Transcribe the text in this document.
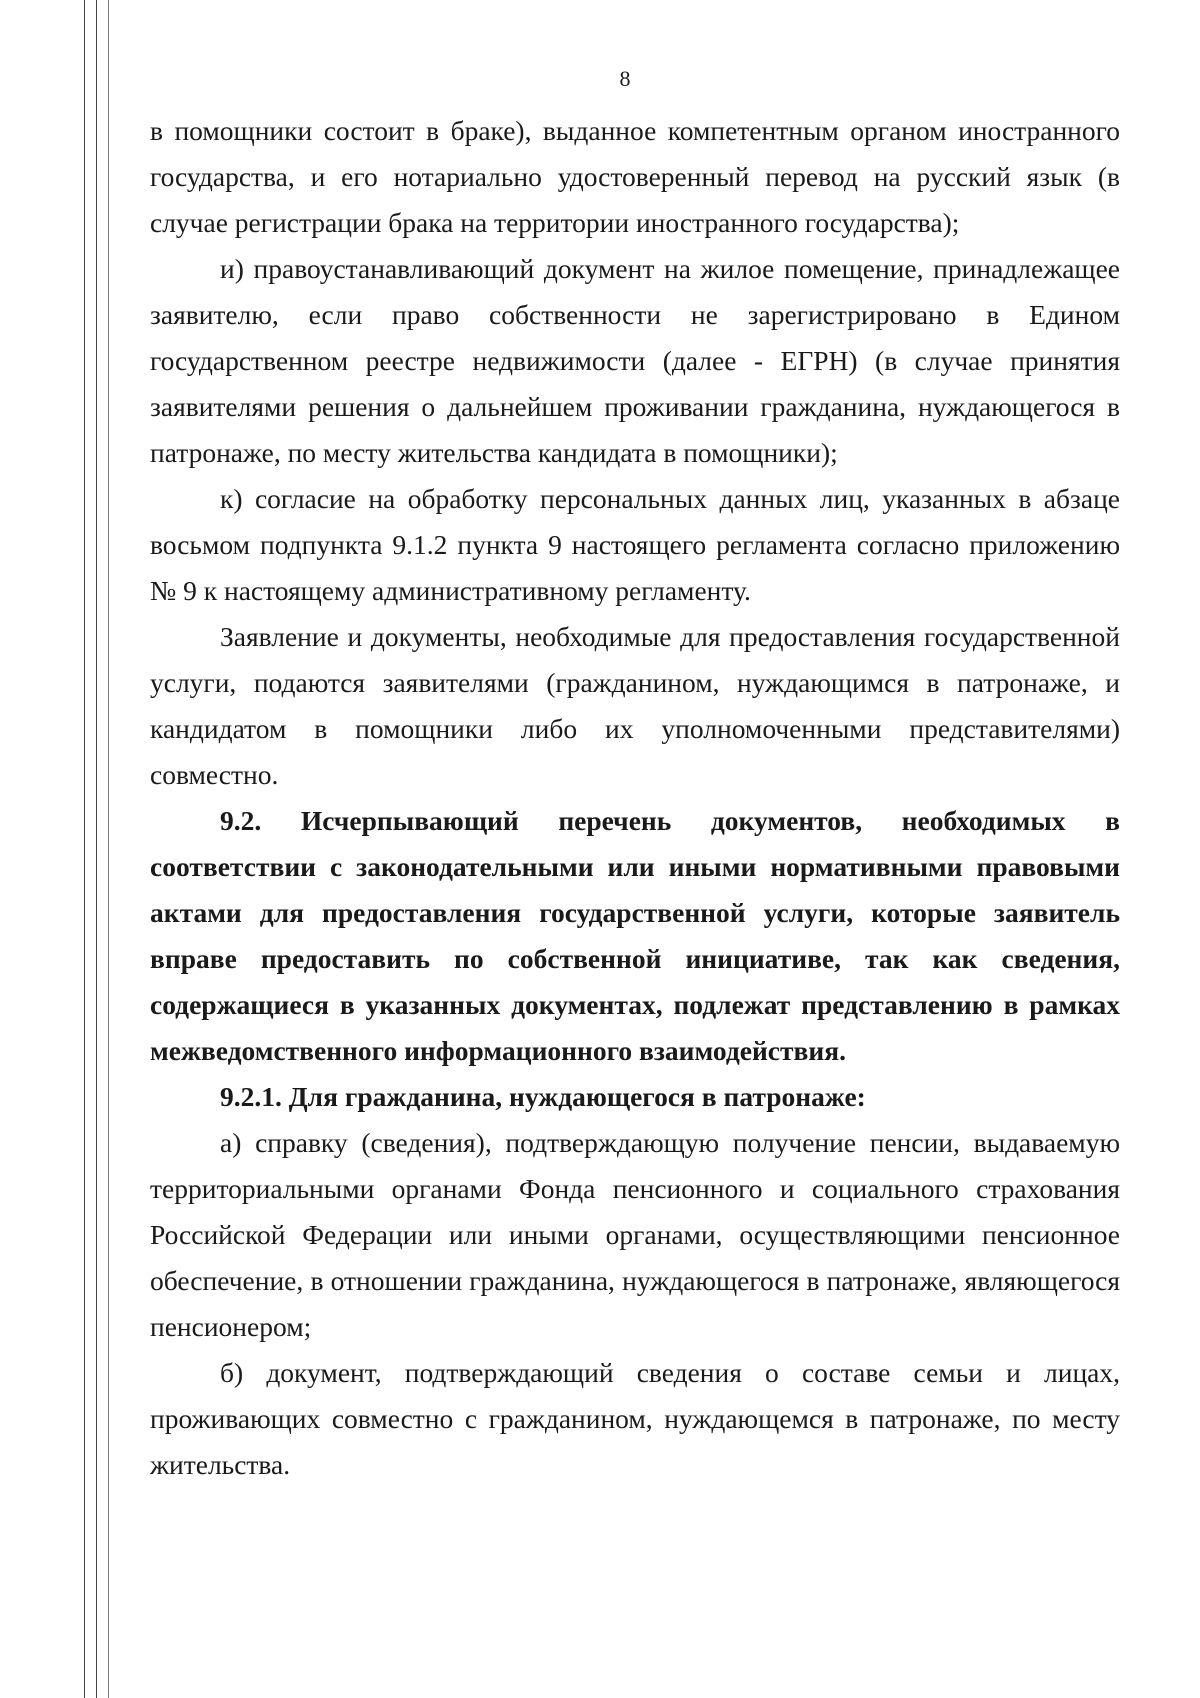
8

в помощники состоит в браке), выданное компетентным органом иностранного государства, и его нотариально удостоверенный перевод на русский язык (в случае регистрации брака на территории иностранного государства);

и) правоустанавливающий документ на жилое помещение, принадлежащее заявителю, если право собственности не зарегистрировано в Едином государственном реестре недвижимости (далее - ЕГРН) (в случае принятия заявителями решения о дальнейшем проживании гражданина, нуждающегося в патронаже, по месту жительства кандидата в помощники);

к) согласие на обработку персональных данных лиц, указанных в абзаце восьмом подпункта 9.1.2 пункта 9 настоящего регламента согласно приложению № 9 к настоящему административному регламенту.

Заявление и документы, необходимые для предоставления государственной услуги, подаются заявителями (гражданином, нуждающимся в патронаже, и кандидатом в помощники либо их уполномоченными представителями) совместно.

9.2. Исчерпывающий перечень документов, необходимых в соответствии с законодательными или иными нормативными правовыми актами для предоставления государственной услуги, которые заявитель вправе предоставить по собственной инициативе, так как сведения, содержащиеся в указанных документах, подлежат представлению в рамках межведомственного информационного взаимодействия.

9.2.1. Для гражданина, нуждающегося в патронаже:

а) справку (сведения), подтверждающую получение пенсии, выдаваемую территориальными органами Фонда пенсионного и социального страхования Российской Федерации или иными органами, осуществляющими пенсионное обеспечение, в отношении гражданина, нуждающегося в патронаже, являющегося пенсионером;

б) документ, подтверждающий сведения о составе семьи и лицах, проживающих совместно с гражданином, нуждающемся в патронаже, по месту жительства.
